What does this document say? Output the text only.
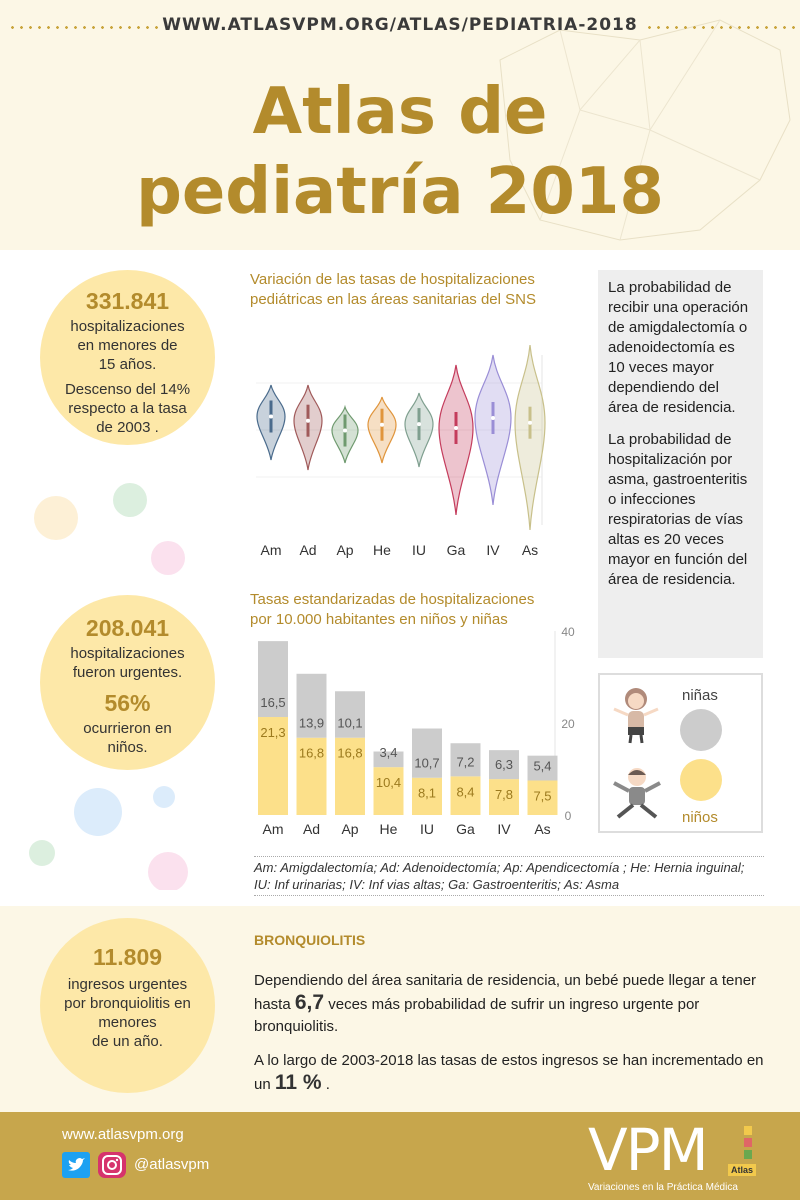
WWW.ATLASVPM.ORG/ATLAS/PEDIATRIA-2018
Atlas de
pediatría 2018
331.841
hospitalizaciones
en menores de
15 años.
Descenso del 14%
respecto a la tasa
de 2003 .
208.041
hospitalizaciones
fueron urgentes.
56%
ocurrieron en
niños.
Variación de las tasas de hospitalizaciones
pediátricas en las áreas sanitarias del SNS
Am Ad Ap He IU Ga IV As

La probabilidad de recibir una operación de amigdalectomía o adenoidectomía es 10 veces mayor dependiendo del área de residencia.

La probabilidad de hospitalización por asma, gastroenteritis o infecciones respiratorias de vías altas es 20 veces mayor en función del área de residencia.

Tasas estandarizadas de hospitalizaciones
por 10.000 habitantes en niños y niñas
21,3
16,5
Am
16,8
13,9
Ad
16,8
10,1
Ap
10,4
3,4
He
8,1
10,7
IU
8,4
7,2
Ga
7,8
6,3
IV
7,5
5,4
As
0
20
40
niñas
niños
Am: Amigdalectomía; Ad: Adenoidectomía; Ap: Apendicectomía ; He: Hernia inguinal; IU: Inf urinarias; IV: Inf vias altas; Ga: Gastroenteritis; As: Asma
11.809
ingresos urgentes
por bronquiolitis en
menores
de un año.
BRONQUIOLITIS
Dependiendo del área sanitaria de residencia, un bebé puede llegar a tener hasta 6,7 veces más probabilidad de sufrir un ingreso urgente por bronquiolitis.
A lo largo de 2003-2018 las tasas de estos ingresos se han incrementado en un 11 % .
www.atlasvpm.org
@atlasvpm	VPM	Atlas
Variaciones en la Práctica Médica
